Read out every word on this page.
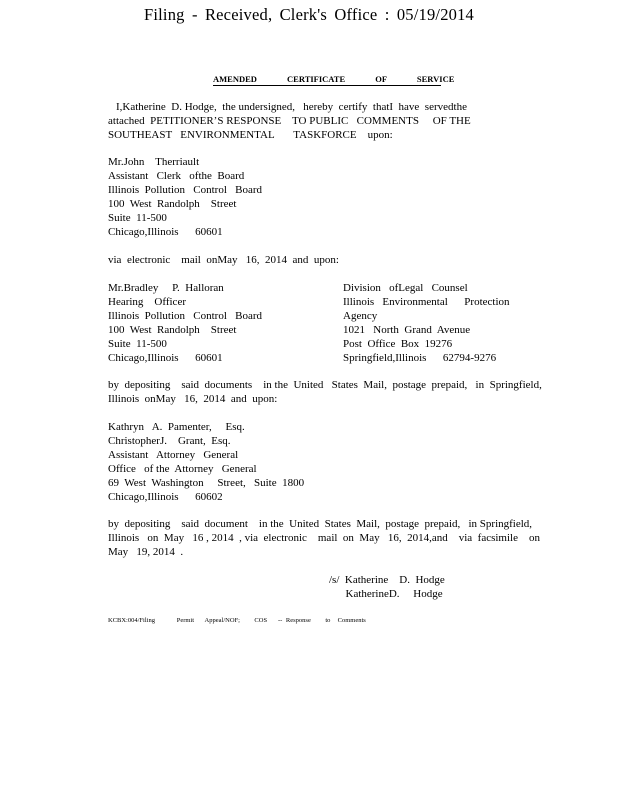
Filing - Received, Clerk's Office : 05/19/2014
AMENDED CERTIFICATE OF SERVICE
I,Katherine  D. Hodge,  the undersigned,   hereby  certify  thatI  have  servedthe
attached  PETITIONER’S RESPONSE    TO PUBLIC   COMMENTS     OF THE
SOUTHEAST   ENVIRONMENTAL       TASKFORCE    upon:
Mr.John    Therriault
Assistant   Clerk   ofthe  Board
Illinois  Pollution   Control   Board
100  West  Randolph    Street
Suite  11-500
Chicago,Illinois      60601
via  electronic    mail  onMay   16,  2014  and  upon:
Mr.Bradley     P.  Halloran
Hearing    Officer
Illinois  Pollution   Control   Board
100  West  Randolph    Street
Suite  11-500
Chicago,Illinois      60601
Division   ofLegal   Counsel
Illinois   Environmental      Protection
Agency
1021   North  Grand  Avenue
Post  Office  Box  19276
Springfield,Illinois      62794-9276
by  depositing    said  documents    in the  United   States  Mail,  postage  prepaid,   in  Springfield,
Illinois  onMay   16,  2014  and  upon:
Kathryn   A.  Pamenter,     Esq.
ChristopherJ.    Grant,  Esq.
Assistant   Attorney   General
Office   of the  Attorney   General
69  West  Washington     Street,   Suite  1800
Chicago,Illinois      60602
by  depositing    said  document    in the  United  States  Mail,  postage  prepaid,   in Springfield,
Illinois   on  May   16 , 2014  , via  electronic    mail  on  May   16,  2014,and    via  facsimile    on
May   19, 2014  .
/s/  Katherine    D.  Hodge
KatherineD.     Hodge
KCBX:004/Filing      Permit   Appeal/NOF;    COS   -- Response    to  Comments
